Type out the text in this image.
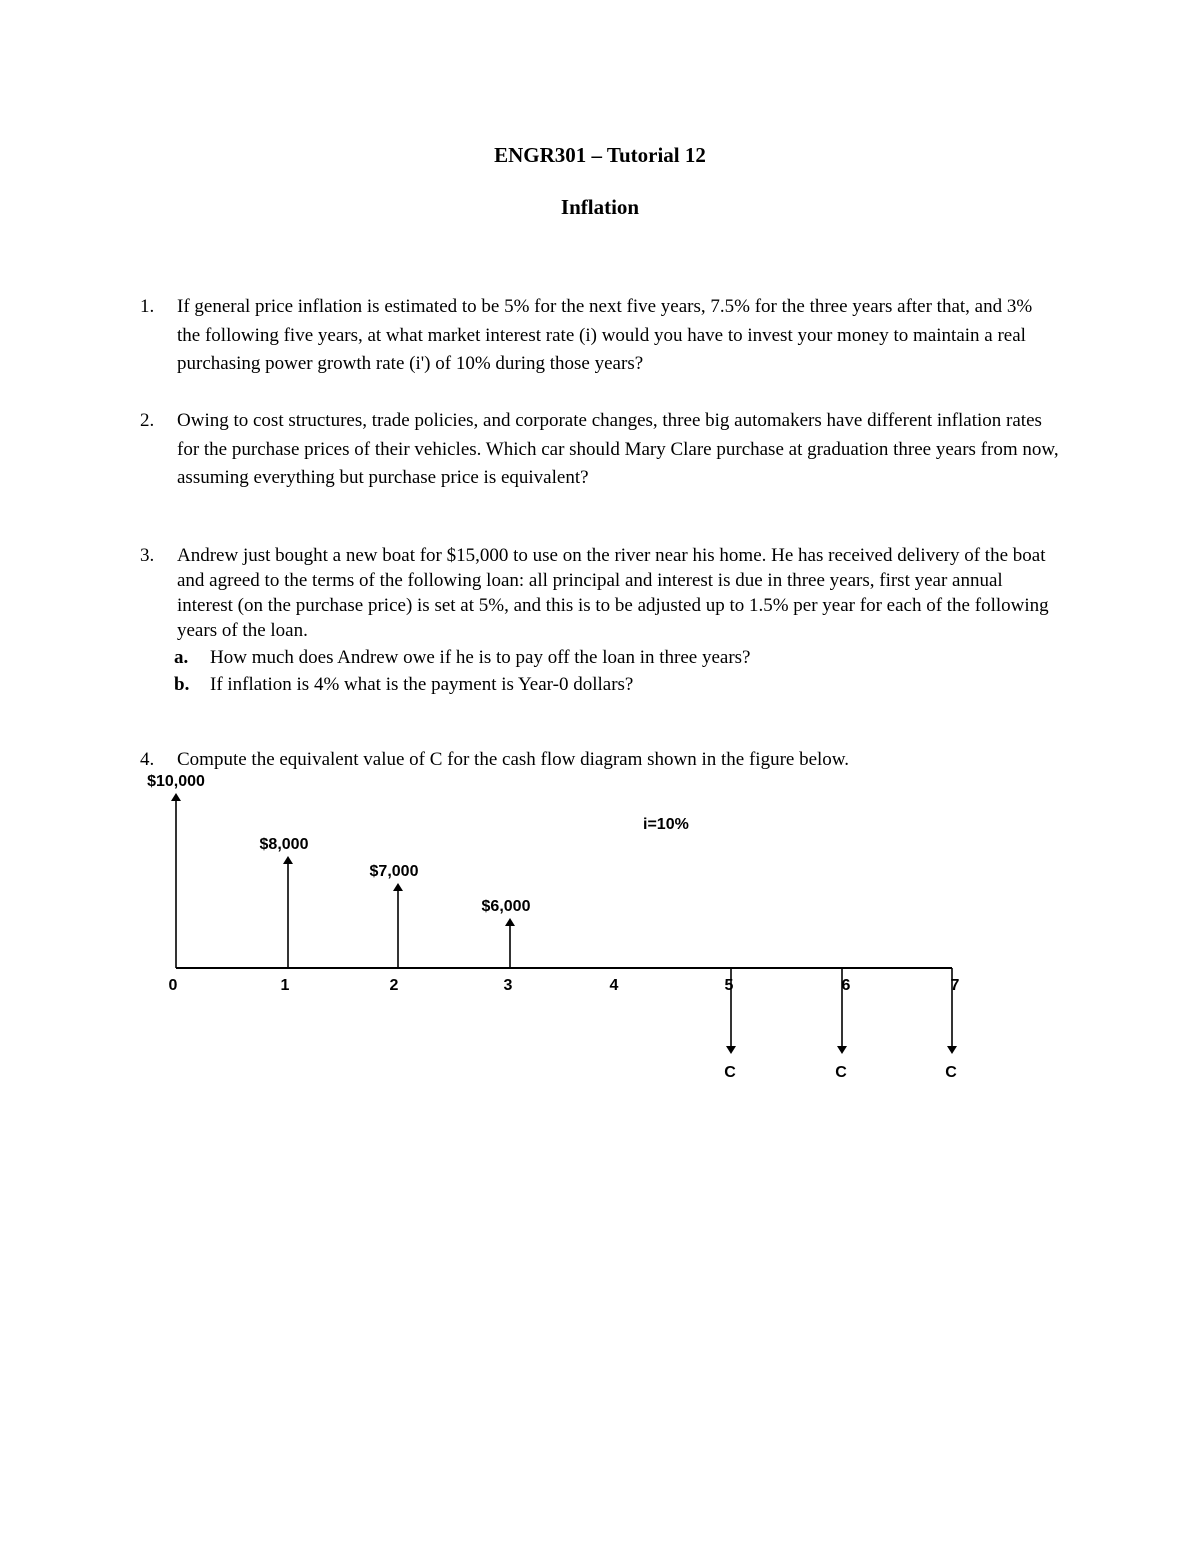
ENGR301 – Tutorial 12
Inflation
1.	If general price inflation is estimated to be 5% for the next five years, 7.5% for the three years after that, and 3% the following five years, at what market interest rate (i) would you have to invest your money to maintain a real purchasing power growth rate (i') of 10% during those years?
2.	Owing to cost structures, trade policies, and corporate changes, three big automakers have different inflation rates for the purchase prices of their vehicles. Which car should Mary Clare purchase at graduation three years from now, assuming everything but purchase price is equivalent?
3.	Andrew just bought a new boat for $15,000 to use on the river near his home. He has received delivery of the boat and agreed to the terms of the following loan: all principal and interest is due in three years, first year annual interest (on the purchase price) is set at 5%, and this is to be adjusted up to 1.5% per year for each of the following years of the loan.
a. How much does Andrew owe if he is to pay off the loan in three years?
b. If inflation is 4% what is the payment is Year-0 dollars?
4.	Compute the equivalent value of C for the cash flow diagram shown in the figure below.
i=10%
0	1	2	3	4	5	6	7
$10,000
$8,000
$7,000
$6,000
C	C	C
